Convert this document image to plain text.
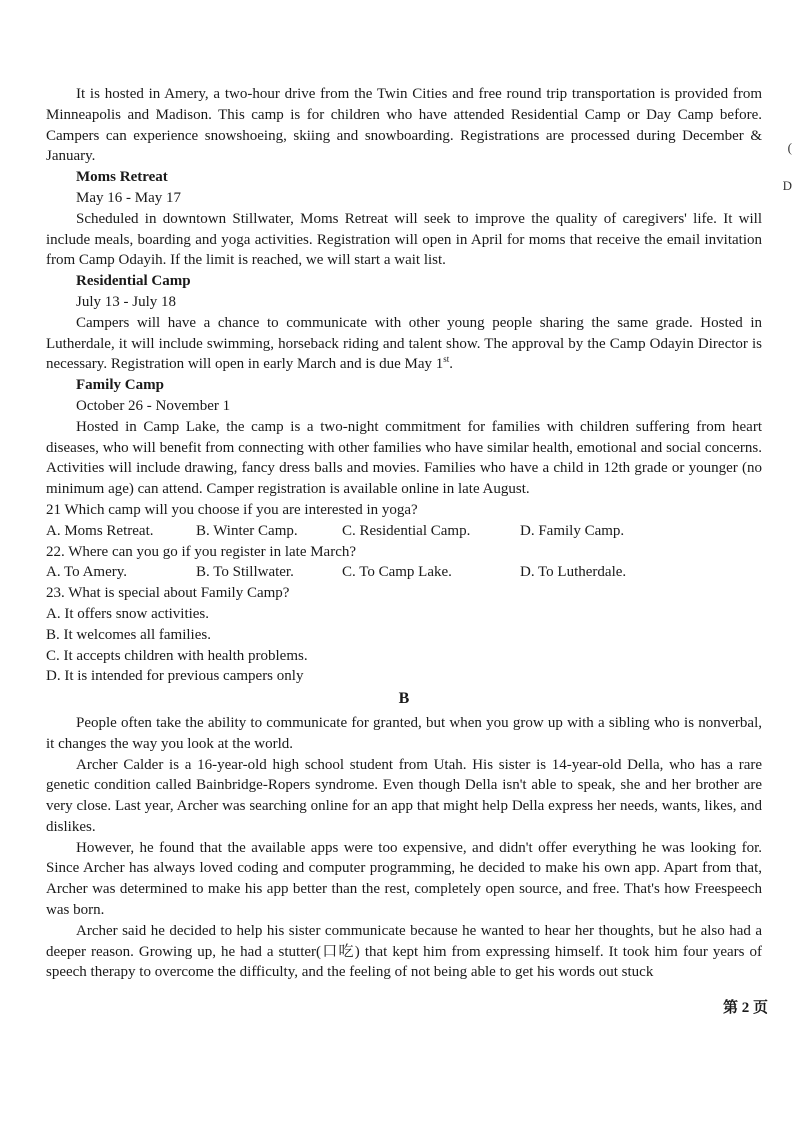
It is hosted in Amery, a two-hour drive from the Twin Cities and free round trip transportation is provided from Minneapolis and Madison. This camp is for children who have attended Residential Camp or Day Camp before. Campers can experience snowshoeing, skiing and snowboarding. Registrations are processed during December & January.

Moms Retreat

May 16 - May 17

Scheduled in downtown Stillwater, Moms Retreat will seek to improve the quality of caregivers' life. It will include meals, boarding and yoga activities. Registration will open in April for moms that receive the email invitation from Camp Odayih. If the limit is reached, we will start a wait list.

Residential Camp

July 13 - July 18

Campers will have a chance to communicate with other young people sharing the same grade. Hosted in Lutherdale, it will include swimming, horseback riding and talent show. The approval by the Camp Odayin Director is necessary. Registration will open in early March and is due May 1st.

Family Camp

October 26 - November 1

Hosted in Camp Lake, the camp is a two-night commitment for families with children suffering from heart diseases, who will benefit from connecting with other families who have similar health, emotional and social concerns. Activities will include drawing, fancy dress balls and movies. Families who have a child in 12th grade or younger (no minimum age) can attend. Camper registration is available online in late August.

21 Which camp will you choose if you are interested in yoga?

A. Moms Retreat.	B. Winter Camp.	C. Residential Camp.	D. Family Camp.

22. Where can you go if you register in late March?

A. To Amery.	B. To Stillwater.	C. To Camp Lake.	D. To Lutherdale.

23. What is special about Family Camp?

A. It offers snow activities.

B. It welcomes all families.

C. It accepts children with health problems.

D. It is intended for previous campers only

B

People often take the ability to communicate for granted, but when you grow up with a sibling who is nonverbal, it changes the way you look at the world.

Archer Calder is a 16-year-old high school student from Utah. His sister is 14-year-old Della, who has a rare genetic condition called Bainbridge-Ropers syndrome. Even though Della isn't able to speak, she and her brother are very close. Last year, Archer was searching online for an app that might help Della express her needs, wants, likes, and dislikes.

However, he found that the available apps were too expensive, and didn't offer everything he was looking for. Since Archer has always loved coding and computer programming, he decided to make his own app. Apart from that, Archer was determined to make his app better than the rest, completely open source, and free. That's how Freespeech was born.

Archer said he decided to help his sister communicate because he wanted to hear her thoughts, but he also had a deeper reason. Growing up, he had a stutter(口吃) that kept him from expressing himself. It took him four years of speech therapy to overcome the difficulty, and the feeling of not being able to get his words out stuck

(
D
第 2 页
